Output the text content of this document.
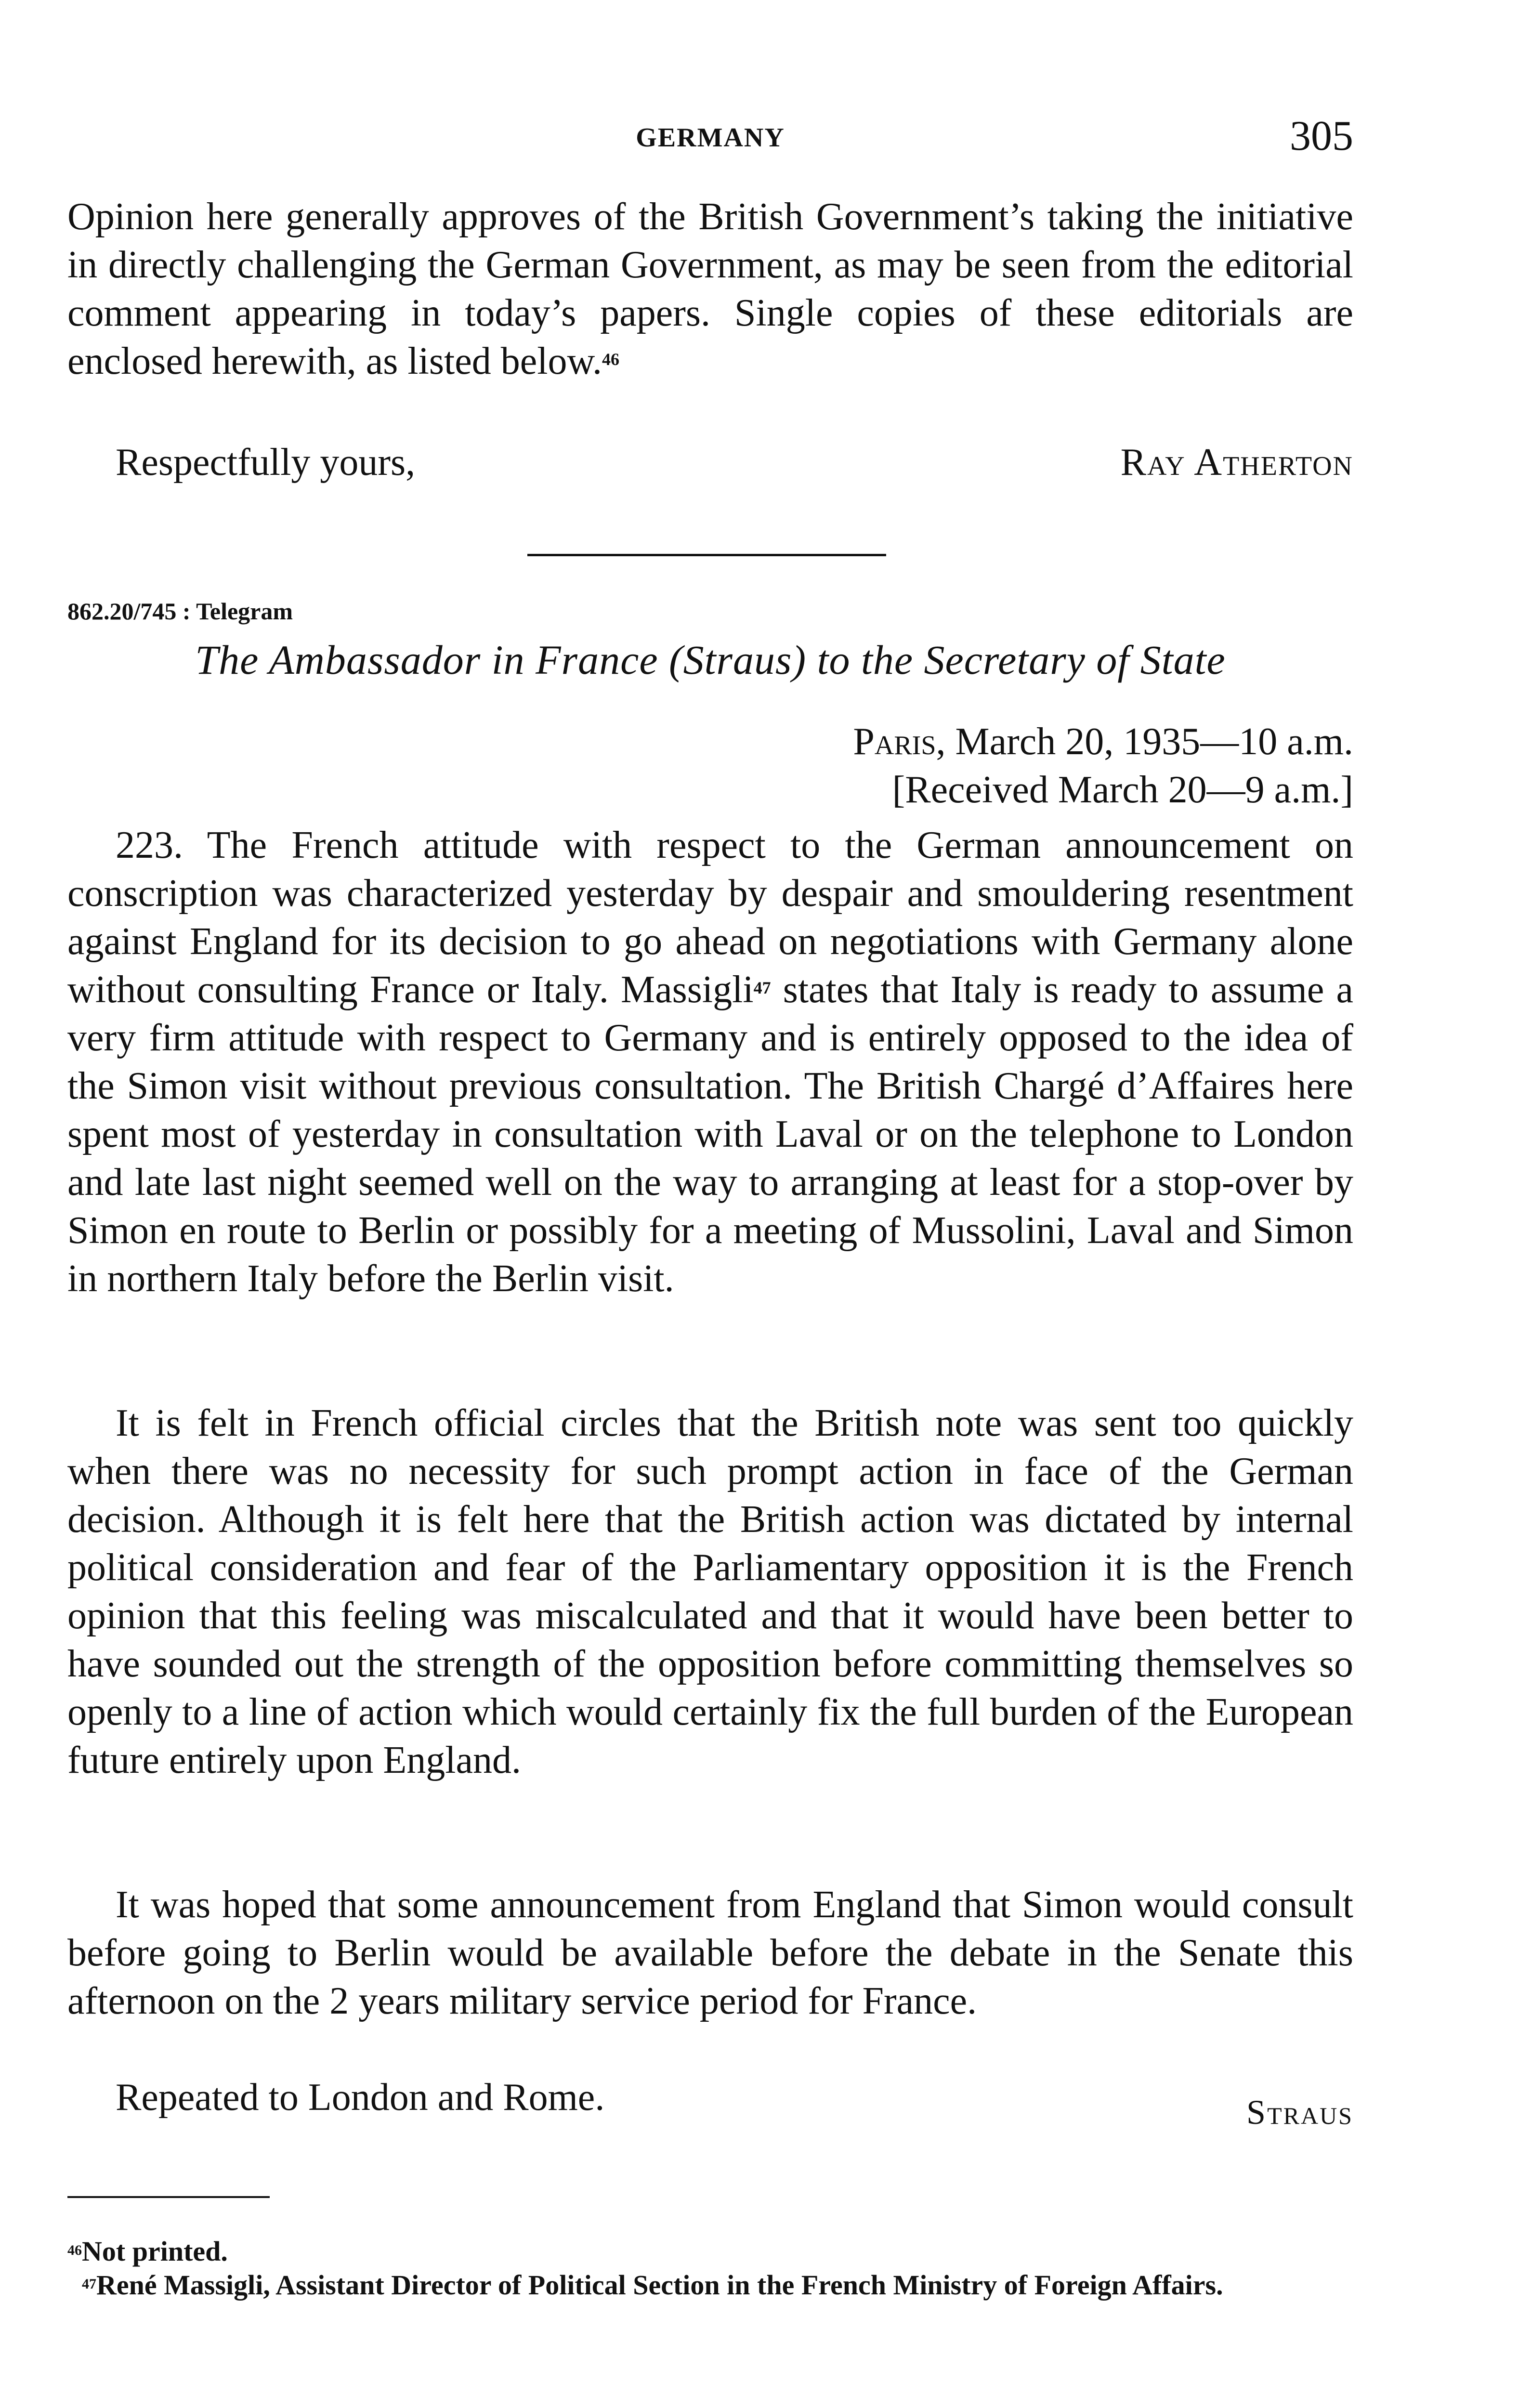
GERMANY	305

Opinion here generally approves of the British Government’s taking the initiative in directly challenging the German Government, as may be seen from the editorial comment appearing in today’s papers. Single copies of these editorials are enclosed herewith, as listed below.$^{46}$

Respectfully yours,	Ray Atherton
862.20/745 : Telegram
The Ambassador in France (Straus) to the Secretary of State
Paris, March 20, 1935—10 a.m.
[Received March 20—9 a.m.]

223. The French attitude with respect to the German announcement on conscription was characterized yesterday by despair and smouldering resentment against England for its decision to go ahead on negotiations with Germany alone without consulting France or Italy. Massigli$^{47}$ states that Italy is ready to assume a very firm attitude with respect to Germany and is entirely opposed to the idea of the Simon visit without previous consultation. The British Chargé d’Affaires here spent most of yesterday in consultation with Laval or on the telephone to London and late last night seemed well on the way to arranging at least for a stop-over by Simon en route to Berlin or possibly for a meeting of Mussolini, Laval and Simon in northern Italy before the Berlin visit.

It is felt in French official circles that the British note was sent too quickly when there was no necessity for such prompt action in face of the German decision. Although it is felt here that the British action was dictated by internal political consideration and fear of the Parliamentary opposition it is the French opinion that this feeling was miscalculated and that it would have been better to have sounded out the strength of the opposition before committing themselves so openly to a line of action which would certainly fix the full burden of the European future entirely upon England.

It was hoped that some announcement from England that Simon would consult before going to Berlin would be available before the debate in the Senate this afternoon on the 2 years military service period for France.

Repeated to London and Rome.	Straus
$^{46}$Not printed.
$^{47}$René Massigli, Assistant Director of Political Section in the French Ministry of Foreign Affairs.
